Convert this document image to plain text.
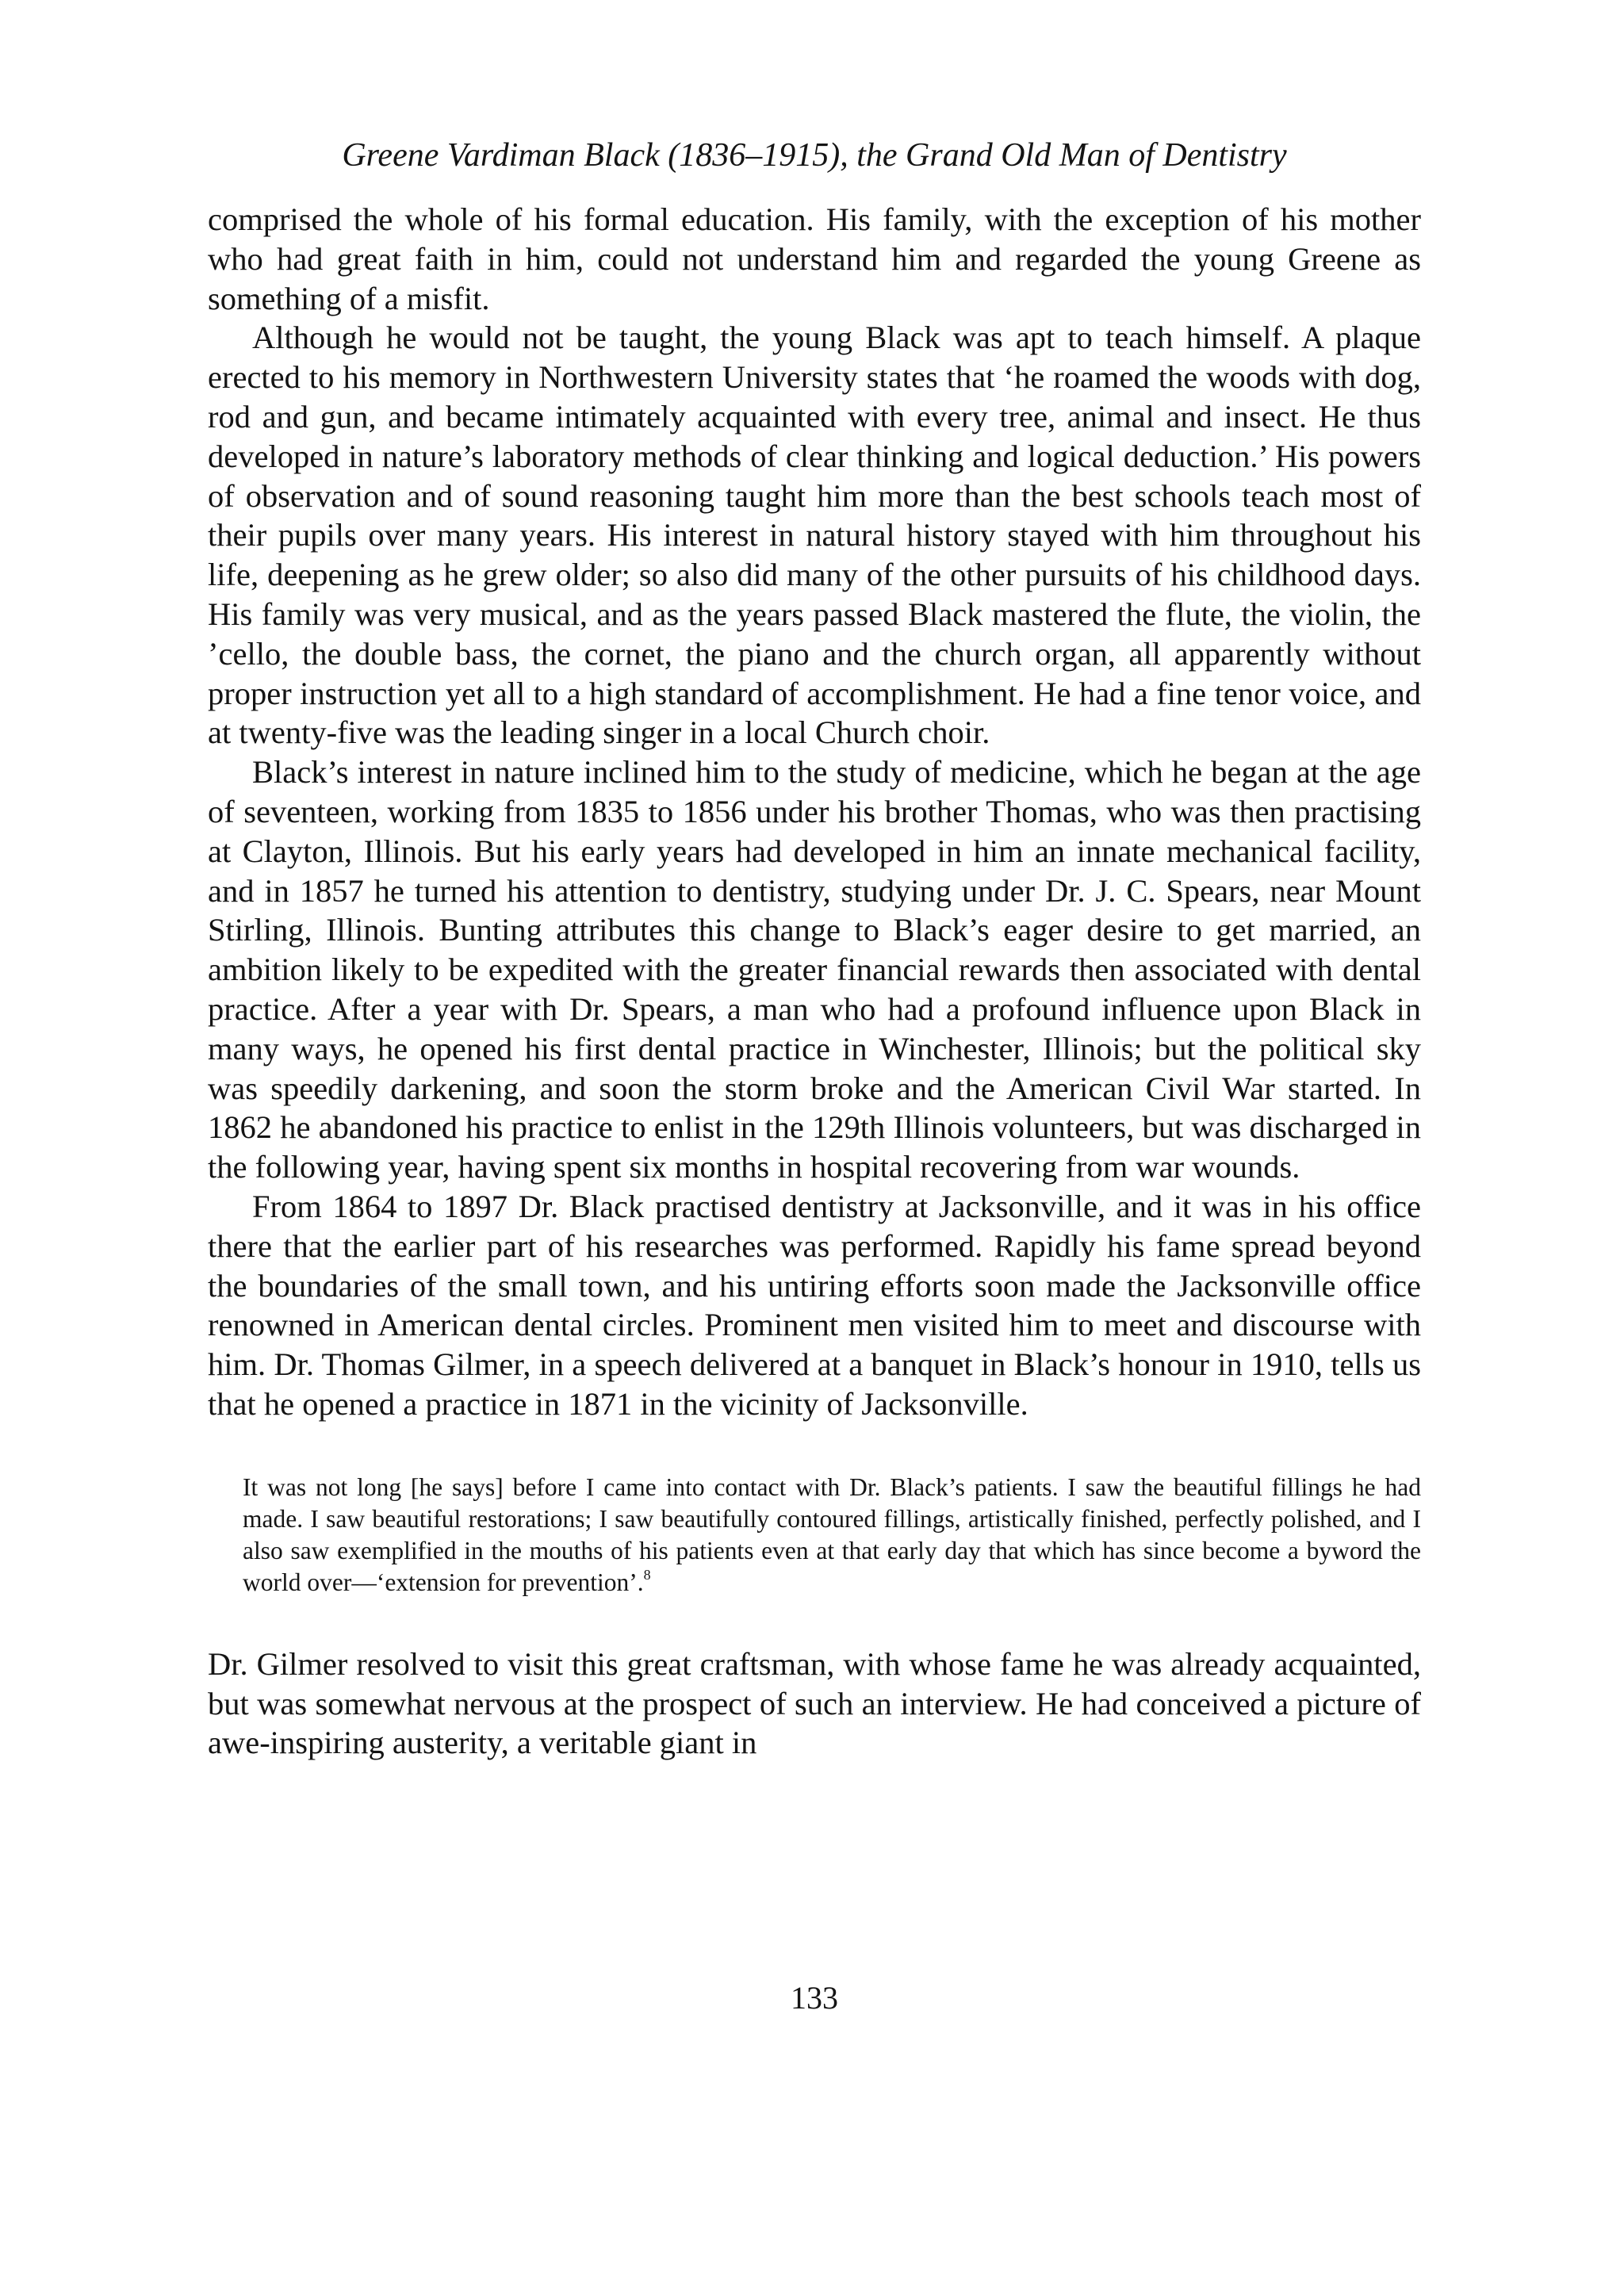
Greene Vardiman Black (1836–1915), the Grand Old Man of Dentistry

comprised the whole of his formal education. His family, with the exception of his mother who had great faith in him, could not understand him and regarded the young Greene as something of a misfit.

Although he would not be taught, the young Black was apt to teach himself. A plaque erected to his memory in Northwestern University states that ‘he roamed the woods with dog, rod and gun, and became intimately acquainted with every tree, animal and insect. He thus developed in nature’s laboratory methods of clear thinking and logical deduction.’ His powers of observation and of sound reasoning taught him more than the best schools teach most of their pupils over many years. His interest in natural history stayed with him throughout his life, deepening as he grew older; so also did many of the other pursuits of his childhood days. His family was very musical, and as the years passed Black mastered the flute, the violin, the ’cello, the double bass, the cornet, the piano and the church organ, all apparently without proper instruction yet all to a high standard of accomplishment. He had a fine tenor voice, and at twenty-five was the leading singer in a local Church choir.

Black’s interest in nature inclined him to the study of medicine, which he began at the age of seventeen, working from 1835 to 1856 under his brother Thomas, who was then practising at Clayton, Illinois. But his early years had developed in him an innate mechanical facility, and in 1857 he turned his attention to dentistry, studying under Dr. J. C. Spears, near Mount Stirling, Illinois. Bunting attributes this change to Black’s eager desire to get married, an ambition likely to be expedited with the greater financial rewards then associated with dental practice. After a year with Dr. Spears, a man who had a profound influence upon Black in many ways, he opened his first dental practice in Winchester, Illinois; but the political sky was speedily darkening, and soon the storm broke and the American Civil War started. In 1862 he abandoned his practice to enlist in the 129th Illinois volunteers, but was discharged in the following year, having spent six months in hospital recovering from war wounds.

From 1864 to 1897 Dr. Black practised dentistry at Jacksonville, and it was in his office there that the earlier part of his researches was performed. Rapidly his fame spread beyond the boundaries of the small town, and his untiring efforts soon made the Jacksonville office renowned in American dental circles. Prominent men visited him to meet and discourse with him. Dr. Thomas Gilmer, in a speech delivered at a banquet in Black’s honour in 1910, tells us that he opened a practice in 1871 in the vicinity of Jacksonville.

It was not long [he says] before I came into contact with Dr. Black’s patients. I saw the beautiful fillings he had made. I saw beautiful restorations; I saw beautifully contoured fillings, artistically finished, perfectly polished, and I also saw exemplified in the mouths of his patients even at that early day that which has since become a byword the world over—‘extension for prevention’.$^8$

Dr. Gilmer resolved to visit this great craftsman, with whose fame he was already acquainted, but was somewhat nervous at the prospect of such an interview. He had conceived a picture of awe-inspiring austerity, a veritable giant in

133
